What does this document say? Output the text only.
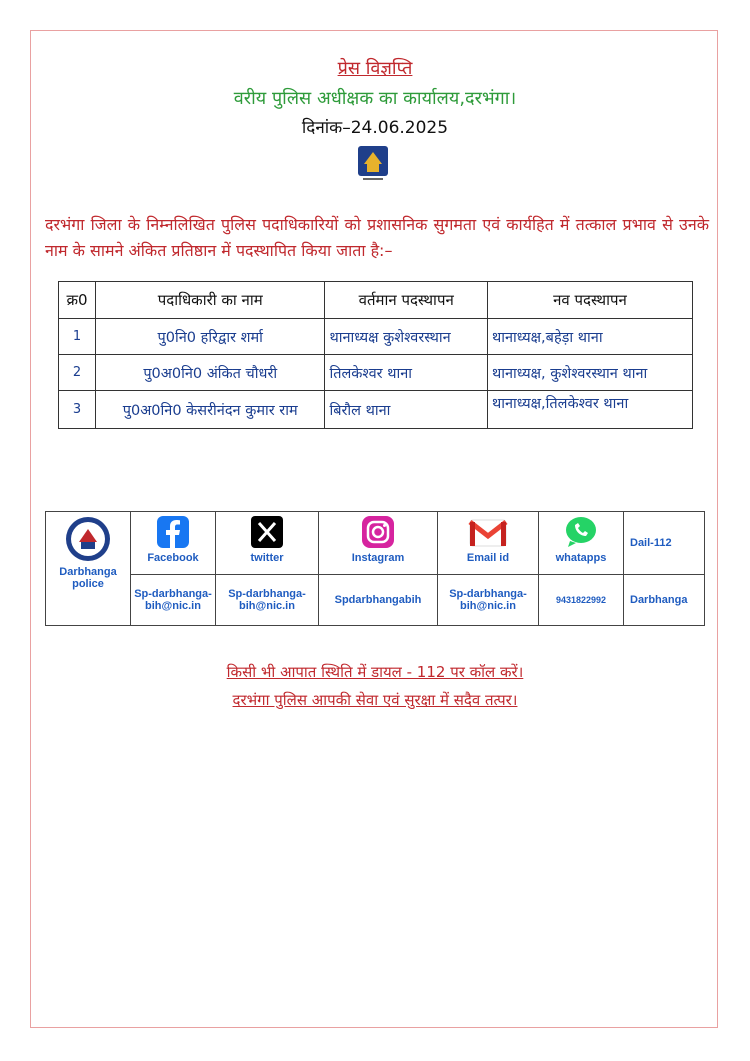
प्रेस विज्ञप्ति
वरीय पुलिस अधीक्षक का कार्यालय,दरभंगा।
दिनांक–24.06.2025
दरभंगा जिला के निम्नलिखित पुलिस पदाधिकारियों को प्रशासनिक सुगमता एवं कार्यहित में तत्काल प्रभाव से उनके नाम के सामने अंकित प्रतिष्ठान में पदस्थापित किया जाता है:–
क्र0	पदाधिकारी का नाम	वर्तमान पदस्थापन	नव पदस्थापन
1	पु0नि0 हरिद्वार शर्मा	थानाध्यक्ष कुशेश्वरस्थान	थानाध्यक्ष,बहेड़ा थाना
2	पु0अ0नि0 अंकित चौधरी	तिलकेश्वर थाना	थानाध्यक्ष, कुशेश्वरस्थान थाना
3	पु0अ0नि0 केसरीनंदन कुमार राम	बिरौल थाना	थानाध्यक्ष,तिलकेश्वर थाना
Darbhanga police	Facebook	twitter	Instagram	Email id	whatapps	Dail-112
	Sp-darbhanga-bih@nic.in	Sp-darbhanga-bih@nic.in	Spdarbhangabih	Sp-darbhanga-bih@nic.in	9431822992	Darbhanga
किसी भी आपात स्थिति में डायल - 112 पर कॉल करें।
दरभंगा पुलिस आपकी सेवा एवं सुरक्षा में सदैव तत्पर।
